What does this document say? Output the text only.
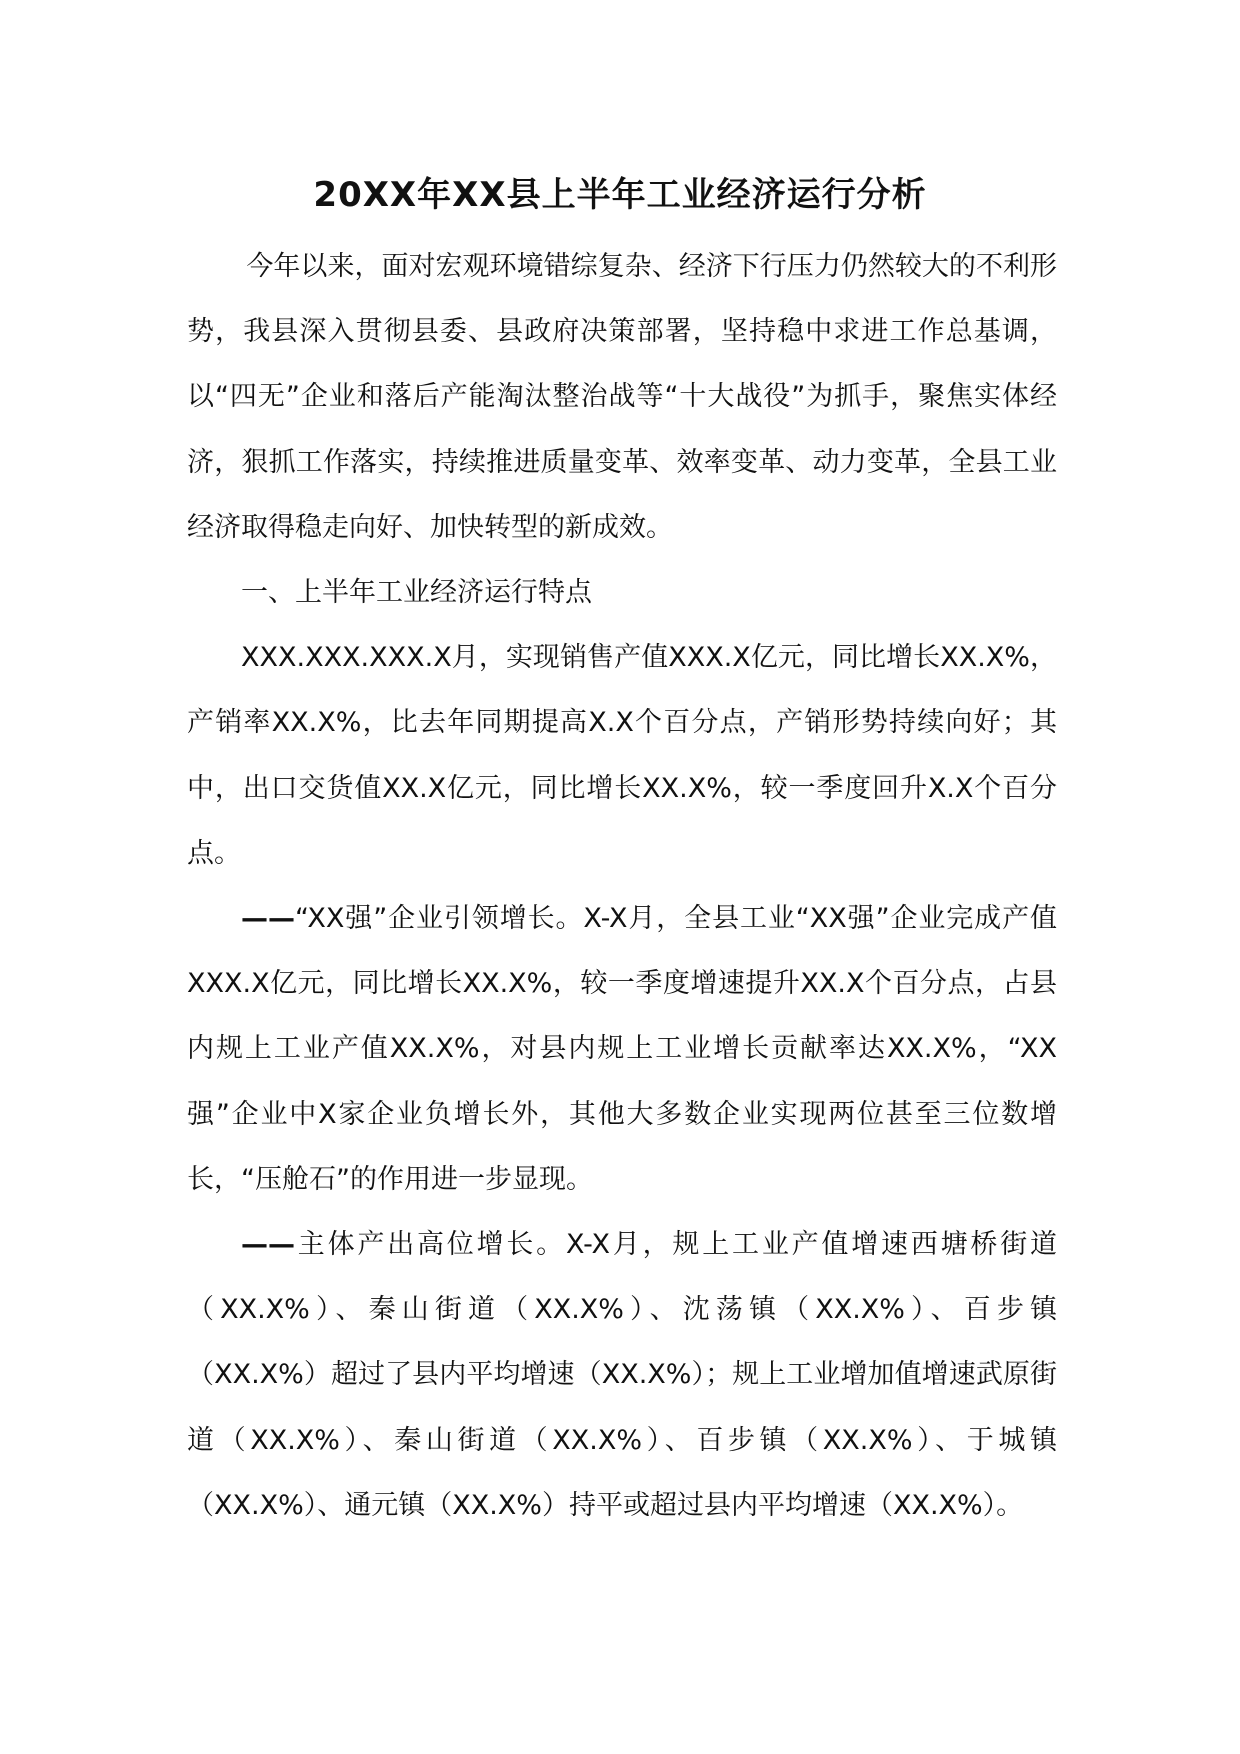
20XX年XX县上半年工业经济运行分析

今年以来，面对宏观环境错综复杂、经济下行压力仍然较大的不利形势，我县深入贯彻县委、县政府决策部署，坚持稳中求进工作总基调，以“四无”企业和落后产能淘汰整治战等“十大战役”为抓手，聚焦实体经济，狠抓工作落实，持续推进质量变革、效率变革、动力变革，全县工业经济取得稳走向好、加快转型的新成效。

一、上半年工业经济运行特点

XXX.XXX.XXX.X月，实现销售产值XXX.X亿元，同比增长XX.X%，产销率XX.X%，比去年同期提高X.X个百分点，产销形势持续向好；其中，出口交货值XX.X亿元，同比增长XX.X%，较一季度回升X.X个百分点。

——“XX强”企业引领增长。X-X月，全县工业“XX强”企业完成产值XXX.X亿元，同比增长XX.X%，较一季度增速提升XX.X个百分点，占县内规上工业产值XX.X%，对县内规上工业增长贡献率达XX.X%，“XX强”企业中X家企业负增长外，其他大多数企业实现两位甚至三位数增长，“压舱石”的作用进一步显现。

——主体产出高位增长。X-X月，规上工业产值增速西塘桥街道（XX.X%）、秦山街道（XX.X%）、沈荡镇（XX.X%）、百步镇（XX.X%）超过了县内平均增速（XX.X%）；规上工业增加值增速武原街道（XX.X%）、秦山街道（XX.X%）、百步镇（XX.X%）、于城镇（XX.X%）、通元镇（XX.X%）持平或超过县内平均增速（XX.X%）。
